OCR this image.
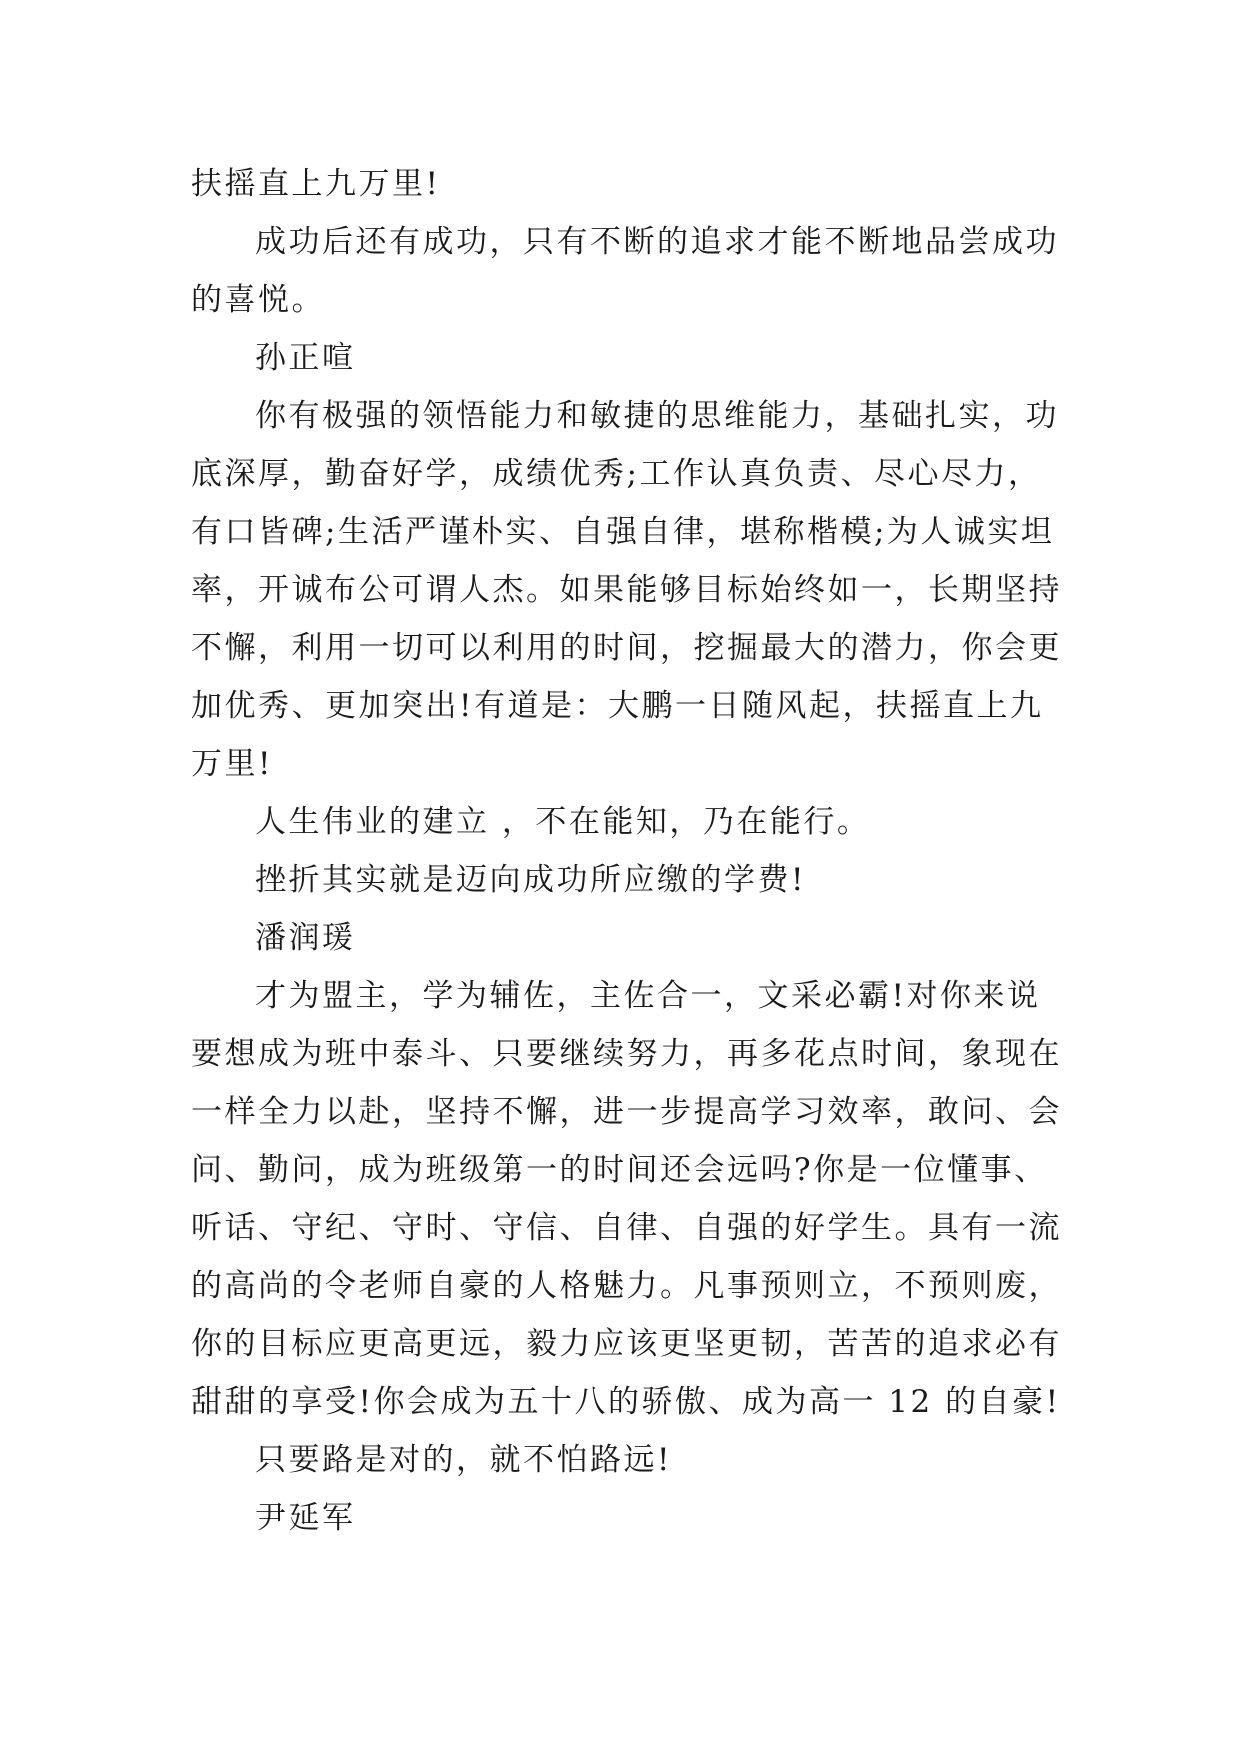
扶摇直上九万里!
成功后还有成功，只有不断的追求才能不断地品尝成功
的喜悦。
孙正喧
你有极强的领悟能力和敏捷的思维能力，基础扎实，功
底深厚，勤奋好学，成绩优秀;工作认真负责、尽心尽力，
有口皆碑;生活严谨朴实、自强自律，堪称楷模;为人诚实坦
率，开诚布公可谓人杰。如果能够目标始终如一，长期坚持
不懈，利用一切可以利用的时间，挖掘最大的潜力，你会更
加优秀、更加突出!有道是：大鹏一日随风起，扶摇直上九
万里!
人生伟业的建立 ，不在能知，乃在能行。
挫折其实就是迈向成功所应缴的学费!
潘润瑗
才为盟主，学为辅佐，主佐合一，文采必霸!对你来说
要想成为班中泰斗、只要继续努力，再多花点时间，象现在
一样全力以赴，坚持不懈，进一步提高学习效率，敢问、会
问、勤问，成为班级第一的时间还会远吗?你是一位懂事、
听话、守纪、守时、守信、自律、自强的好学生。具有一流
的高尚的令老师自豪的人格魅力。凡事预则立，不预则废，
你的目标应更高更远，毅力应该更坚更韧，苦苦的追求必有
甜甜的享受!你会成为五十八的骄傲、成为高一 12 的自豪!
只要路是对的，就不怕路远!
尹延军
